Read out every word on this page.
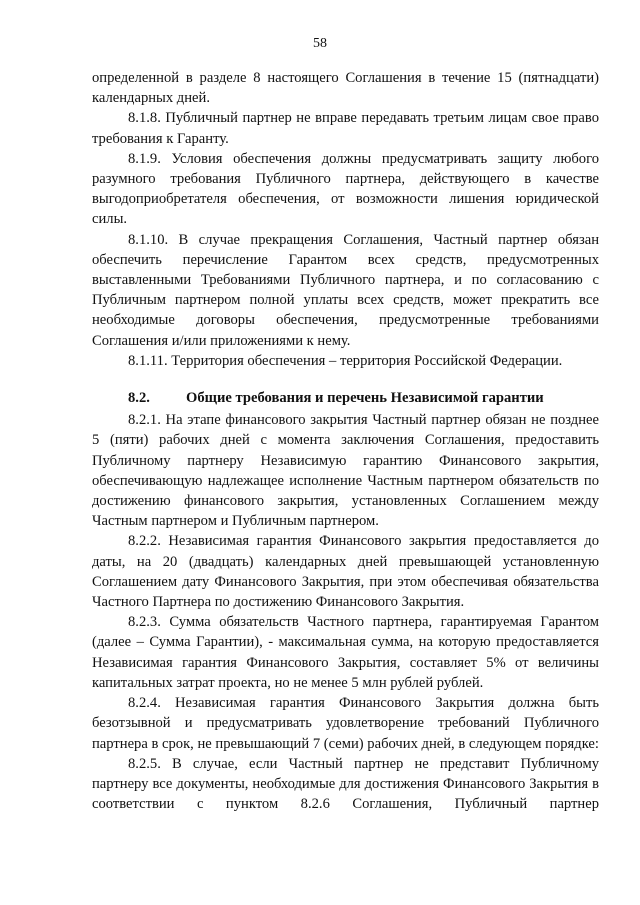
58

определенной в разделе 8 настоящего Соглашения в течение 15 (пятнадцати) календарных дней.

8.1.8. Публичный партнер не вправе передавать третьим лицам свое право требования к Гаранту.

8.1.9. Условия обеспечения должны предусматривать защиту любого разумного требования Публичного партнера, действующего в качестве выгодоприобретателя обеспечения, от возможности лишения юридической силы.

8.1.10. В случае прекращения Соглашения, Частный партнер обязан обеспечить перечисление Гарантом всех средств, предусмотренных выставленными Требованиями Публичного партнера, и по согласованию с Публичным партнером полной уплаты всех средств, может прекратить все необходимые договоры обеспечения, предусмотренные требованиями Соглашения и/или приложениями к нему.

8.1.11. Территория обеспечения – территория Российской Федерации.

8.2. Общие требования и перечень Независимой гарантии

8.2.1. На этапе финансового закрытия Частный партнер обязан не позднее 5 (пяти) рабочих дней с момента заключения Соглашения, предоставить Публичному партнеру Независимую гарантию Финансового закрытия, обеспечивающую надлежащее исполнение Частным партнером обязательств по достижению финансового закрытия, установленных Соглашением между Частным партнером и Публичным партнером.

8.2.2. Независимая гарантия Финансового закрытия предоставляется до даты, на 20 (двадцать) календарных дней превышающей установленную Соглашением дату Финансового Закрытия, при этом обеспечивая обязательства Частного Партнера по достижению Финансового Закрытия.

8.2.3. Сумма обязательств Частного партнера, гарантируемая Гарантом (далее – Сумма Гарантии), - максимальная сумма, на которую предоставляется Независимая гарантия Финансового Закрытия, составляет 5% от величины капитальных затрат проекта, но не менее 5 млн рублей рублей.

8.2.4. Независимая гарантия Финансового Закрытия должна быть безотзывной и предусматривать удовлетворение требований Публичного партнера в срок, не превышающий 7 (семи) рабочих дней, в следующем порядке:

8.2.5. В случае, если Частный партнер не представит Публичному партнеру все документы, необходимые для достижения Финансового Закрытия в соответствии с пунктом 8.2.6 Соглашения, Публичный партнер
